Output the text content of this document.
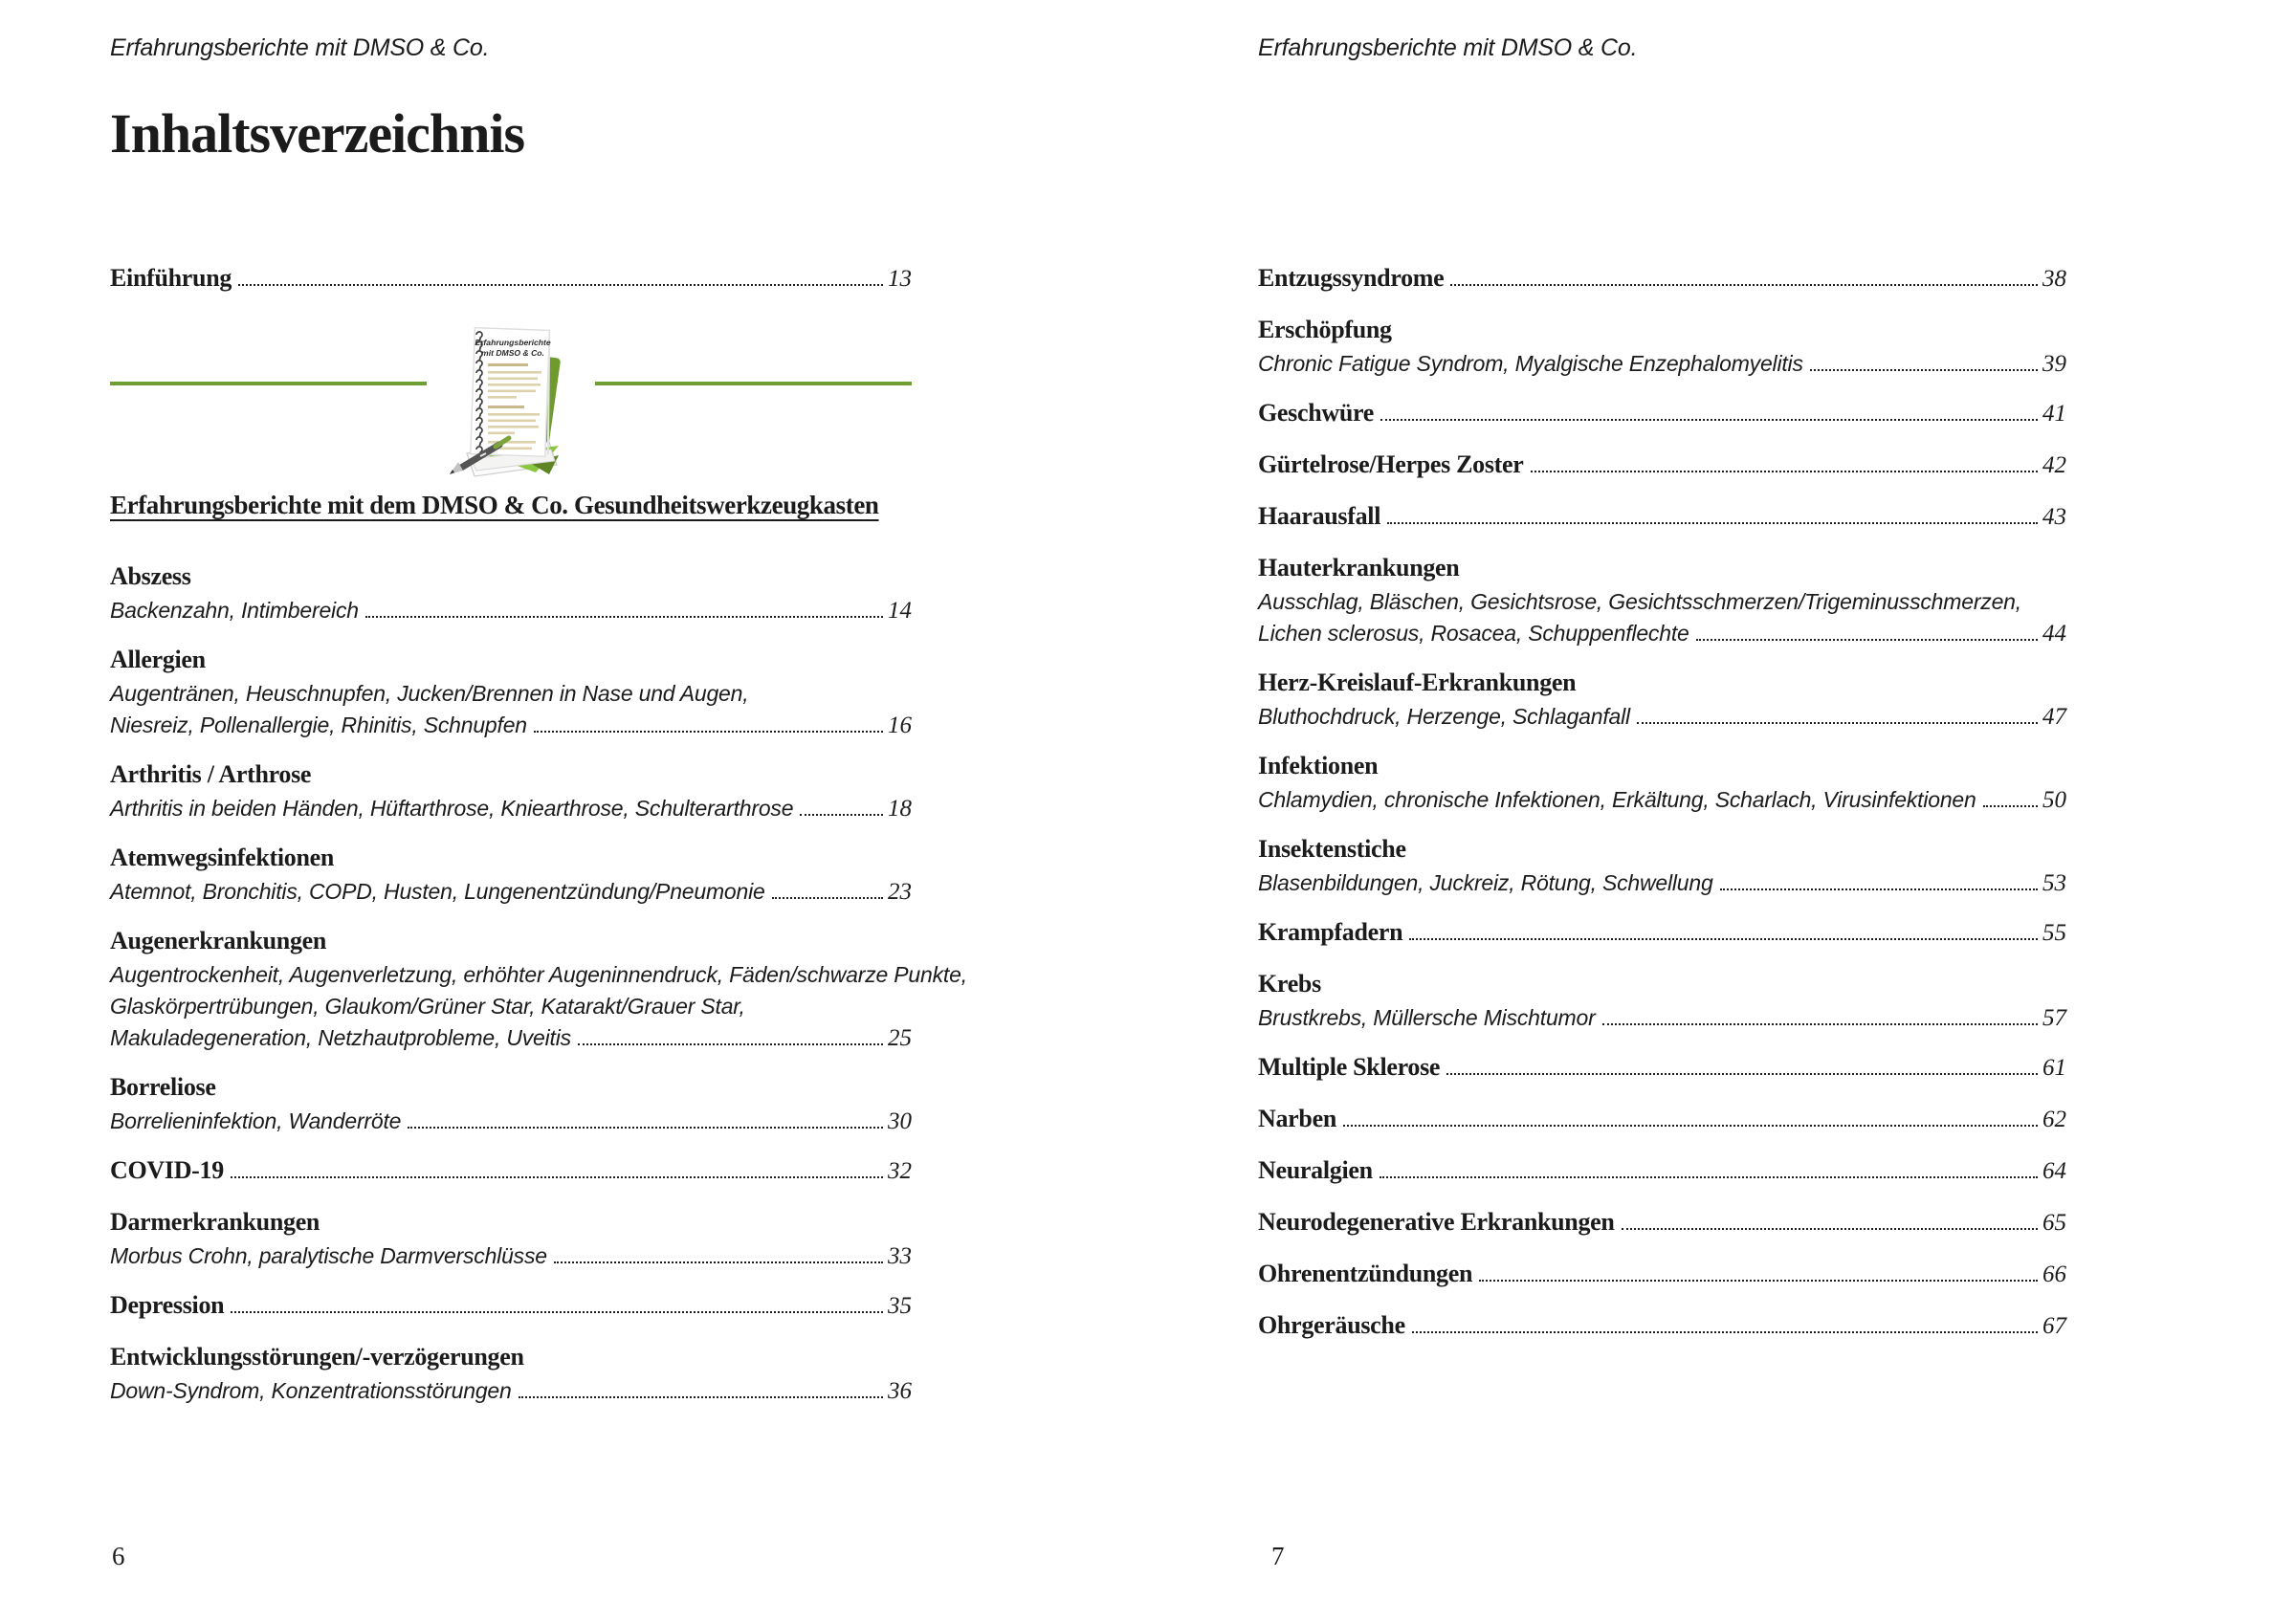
Erfahrungsberichte mit DMSO & Co.
Inhaltsverzeichnis
Einführung	13
Erfahrungsberichte
mit DMSO & Co.
Erfahrungsberichte mit dem DMSO & Co. Gesundheitswerkzeugkasten
Abszess
Backenzahn, Intimbereich	14
Allergien
Augentränen, Heuschnupfen, Jucken/Brennen in Nase und Augen,
Niesreiz, Pollenallergie, Rhinitis, Schnupfen	16
Arthritis / Arthrose
Arthritis in beiden Händen, Hüftarthrose, Kniearthrose, Schulterarthrose	18
Atemwegsinfektionen
Atemnot, Bronchitis, COPD, Husten, Lungenentzündung/Pneumonie	23
Augenerkrankungen
Augentrockenheit, Augenverletzung, erhöhter Augeninnendruck, Fäden/schwarze Punkte,
Glaskörpertrübungen, Glaukom/Grüner Star, Katarakt/Grauer Star,
Makuladegeneration, Netzhautprobleme, Uveitis	25
Borreliose
Borrelieninfektion, Wanderröte	30
COVID-19	32
Darmerkrankungen
Morbus Crohn, paralytische Darmverschlüsse	33
Depression	35
Entwicklungsstörungen/-verzögerungen
Down-Syndrom, Konzentrationsstörungen	36
6
Erfahrungsberichte mit DMSO & Co.
Entzugssyndrome	38
Erschöpfung
Chronic Fatigue Syndrom, Myalgische Enzephalomyelitis	39
Geschwüre	41
Gürtelrose/Herpes Zoster	42
Haarausfall	43
Hauterkrankungen
Ausschlag, Bläschen, Gesichtsrose, Gesichtsschmerzen/Trigeminusschmerzen,
Lichen sclerosus, Rosacea, Schuppenflechte	44
Herz-Kreislauf-Erkrankungen
Bluthochdruck, Herzenge, Schlaganfall	47
Infektionen
Chlamydien, chronische Infektionen, Erkältung, Scharlach, Virusinfektionen	50
Insektenstiche
Blasenbildungen, Juckreiz, Rötung, Schwellung	53
Krampfadern	55
Krebs
Brustkrebs, Müllersche Mischtumor	57
Multiple Sklerose	61
Narben	62
Neuralgien	64
Neurodegenerative Erkrankungen	65
Ohrenentzündungen	66
Ohrgeräusche	67
7
